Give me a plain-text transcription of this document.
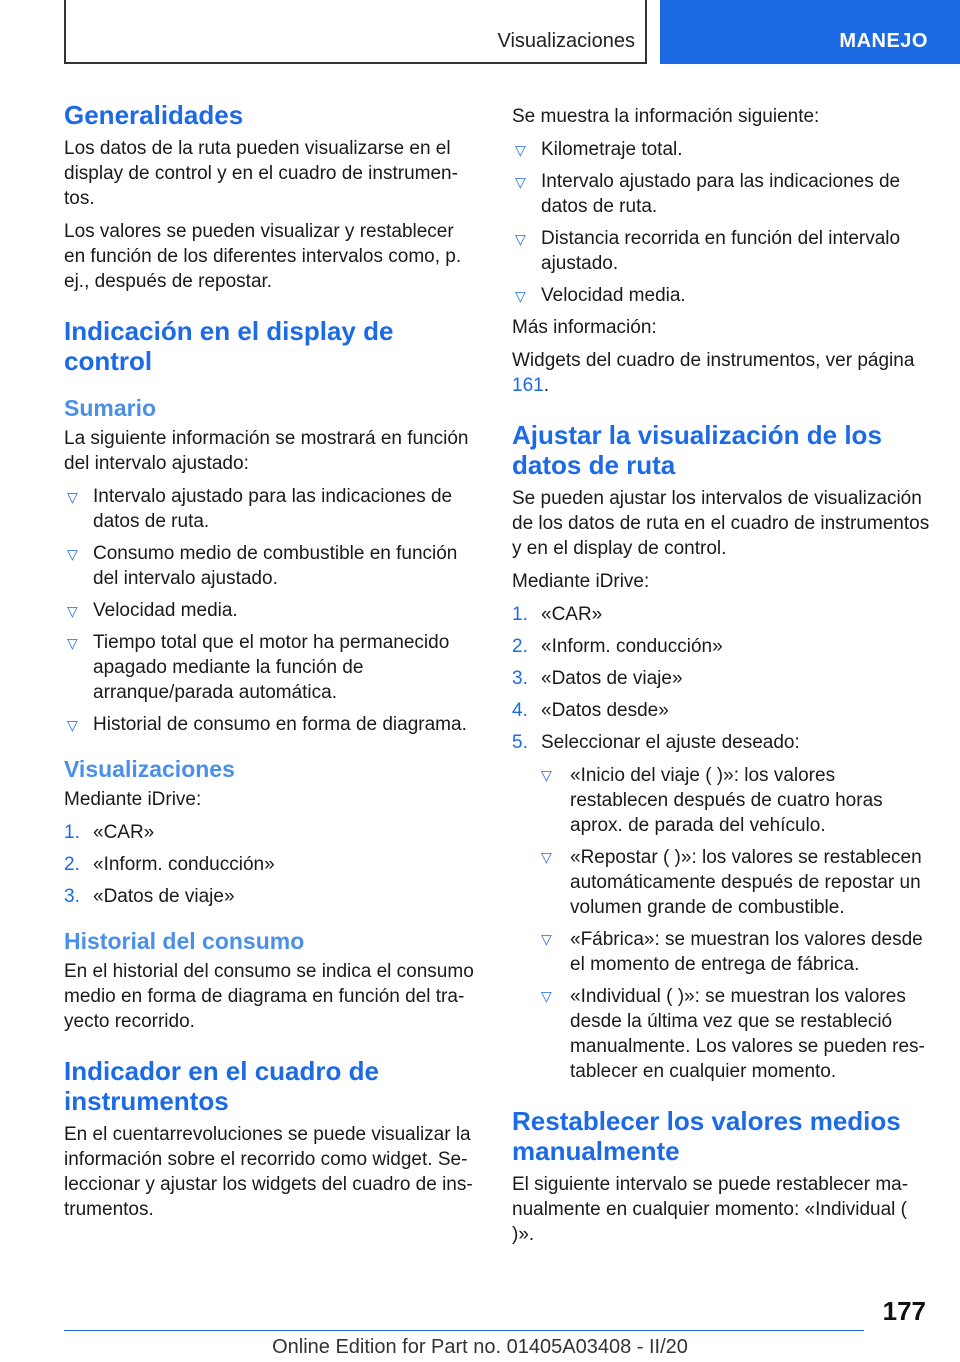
Visualizaciones	MANEJO
Generalidades

Los datos de la ruta pueden visualizarse en el display de control y en el cuadro de instrumentos.

Los valores se pueden visualizar y restablecer en función de los diferentes intervalos como, p. ej., después de repostar.

Indicación en el display de control
Sumario

La siguiente información se mostrará en función del intervalo ajustado:

▽ Intervalo ajustado para las indicaciones de datos de ruta.
▽ Consumo medio de combustible en función del intervalo ajustado.
▽ Velocidad media.
▽ Tiempo total que el motor ha permanecido apagado mediante la función de arranque/parada automática.
▽ Historial de consumo en forma de diagrama.
Visualizaciones

Mediante iDrive:

1. «CAR»
2. «Inform. conducción»
3. «Datos de viaje»
Historial del consumo

En el historial del consumo se indica el consumo medio en forma de diagrama en función del trayecto recorrido.

Indicador en el cuadro de instrumentos

En el cuentarrevoluciones se puede visualizar la información sobre el recorrido como widget. Seleccionar y ajustar los widgets del cuadro de instrumentos.

Se muestra la información siguiente:

▽ Kilometraje total.
▽ Intervalo ajustado para las indicaciones de datos de ruta.
▽ Distancia recorrida en función del intervalo ajustado.
▽ Velocidad media.

Más información:

Widgets del cuadro de instrumentos, ver página 161.

Ajustar la visualización de los datos de ruta

Se pueden ajustar los intervalos de visualización de los datos de ruta en el cuadro de instrumentos y en el display de control.

Mediante iDrive:

1. «CAR»
2. «Inform. conducción»
3. «Datos de viaje»
4. «Datos desde»
5. Seleccionar el ajuste deseado:
▽ «Inicio del viaje ( )»: los valores restablecen después de cuatro horas aprox. de parada del vehículo.
▽ «Repostar ( )»: los valores se restablecen automáticamente después de repostar un volumen grande de combustible.
▽ «Fábrica»: se muestran los valores desde el momento de entrega de fábrica.
▽ «Individual ( )»: se muestran los valores desde la última vez que se restableció manualmente. Los valores se pueden restablecer en cualquier momento.
Restablecer los valores medios manualmente

El siguiente intervalo se puede restablecer manualmente en cualquier momento: «Individual ( )».

177
Online Edition for Part no. 01405A03408 - II/20
